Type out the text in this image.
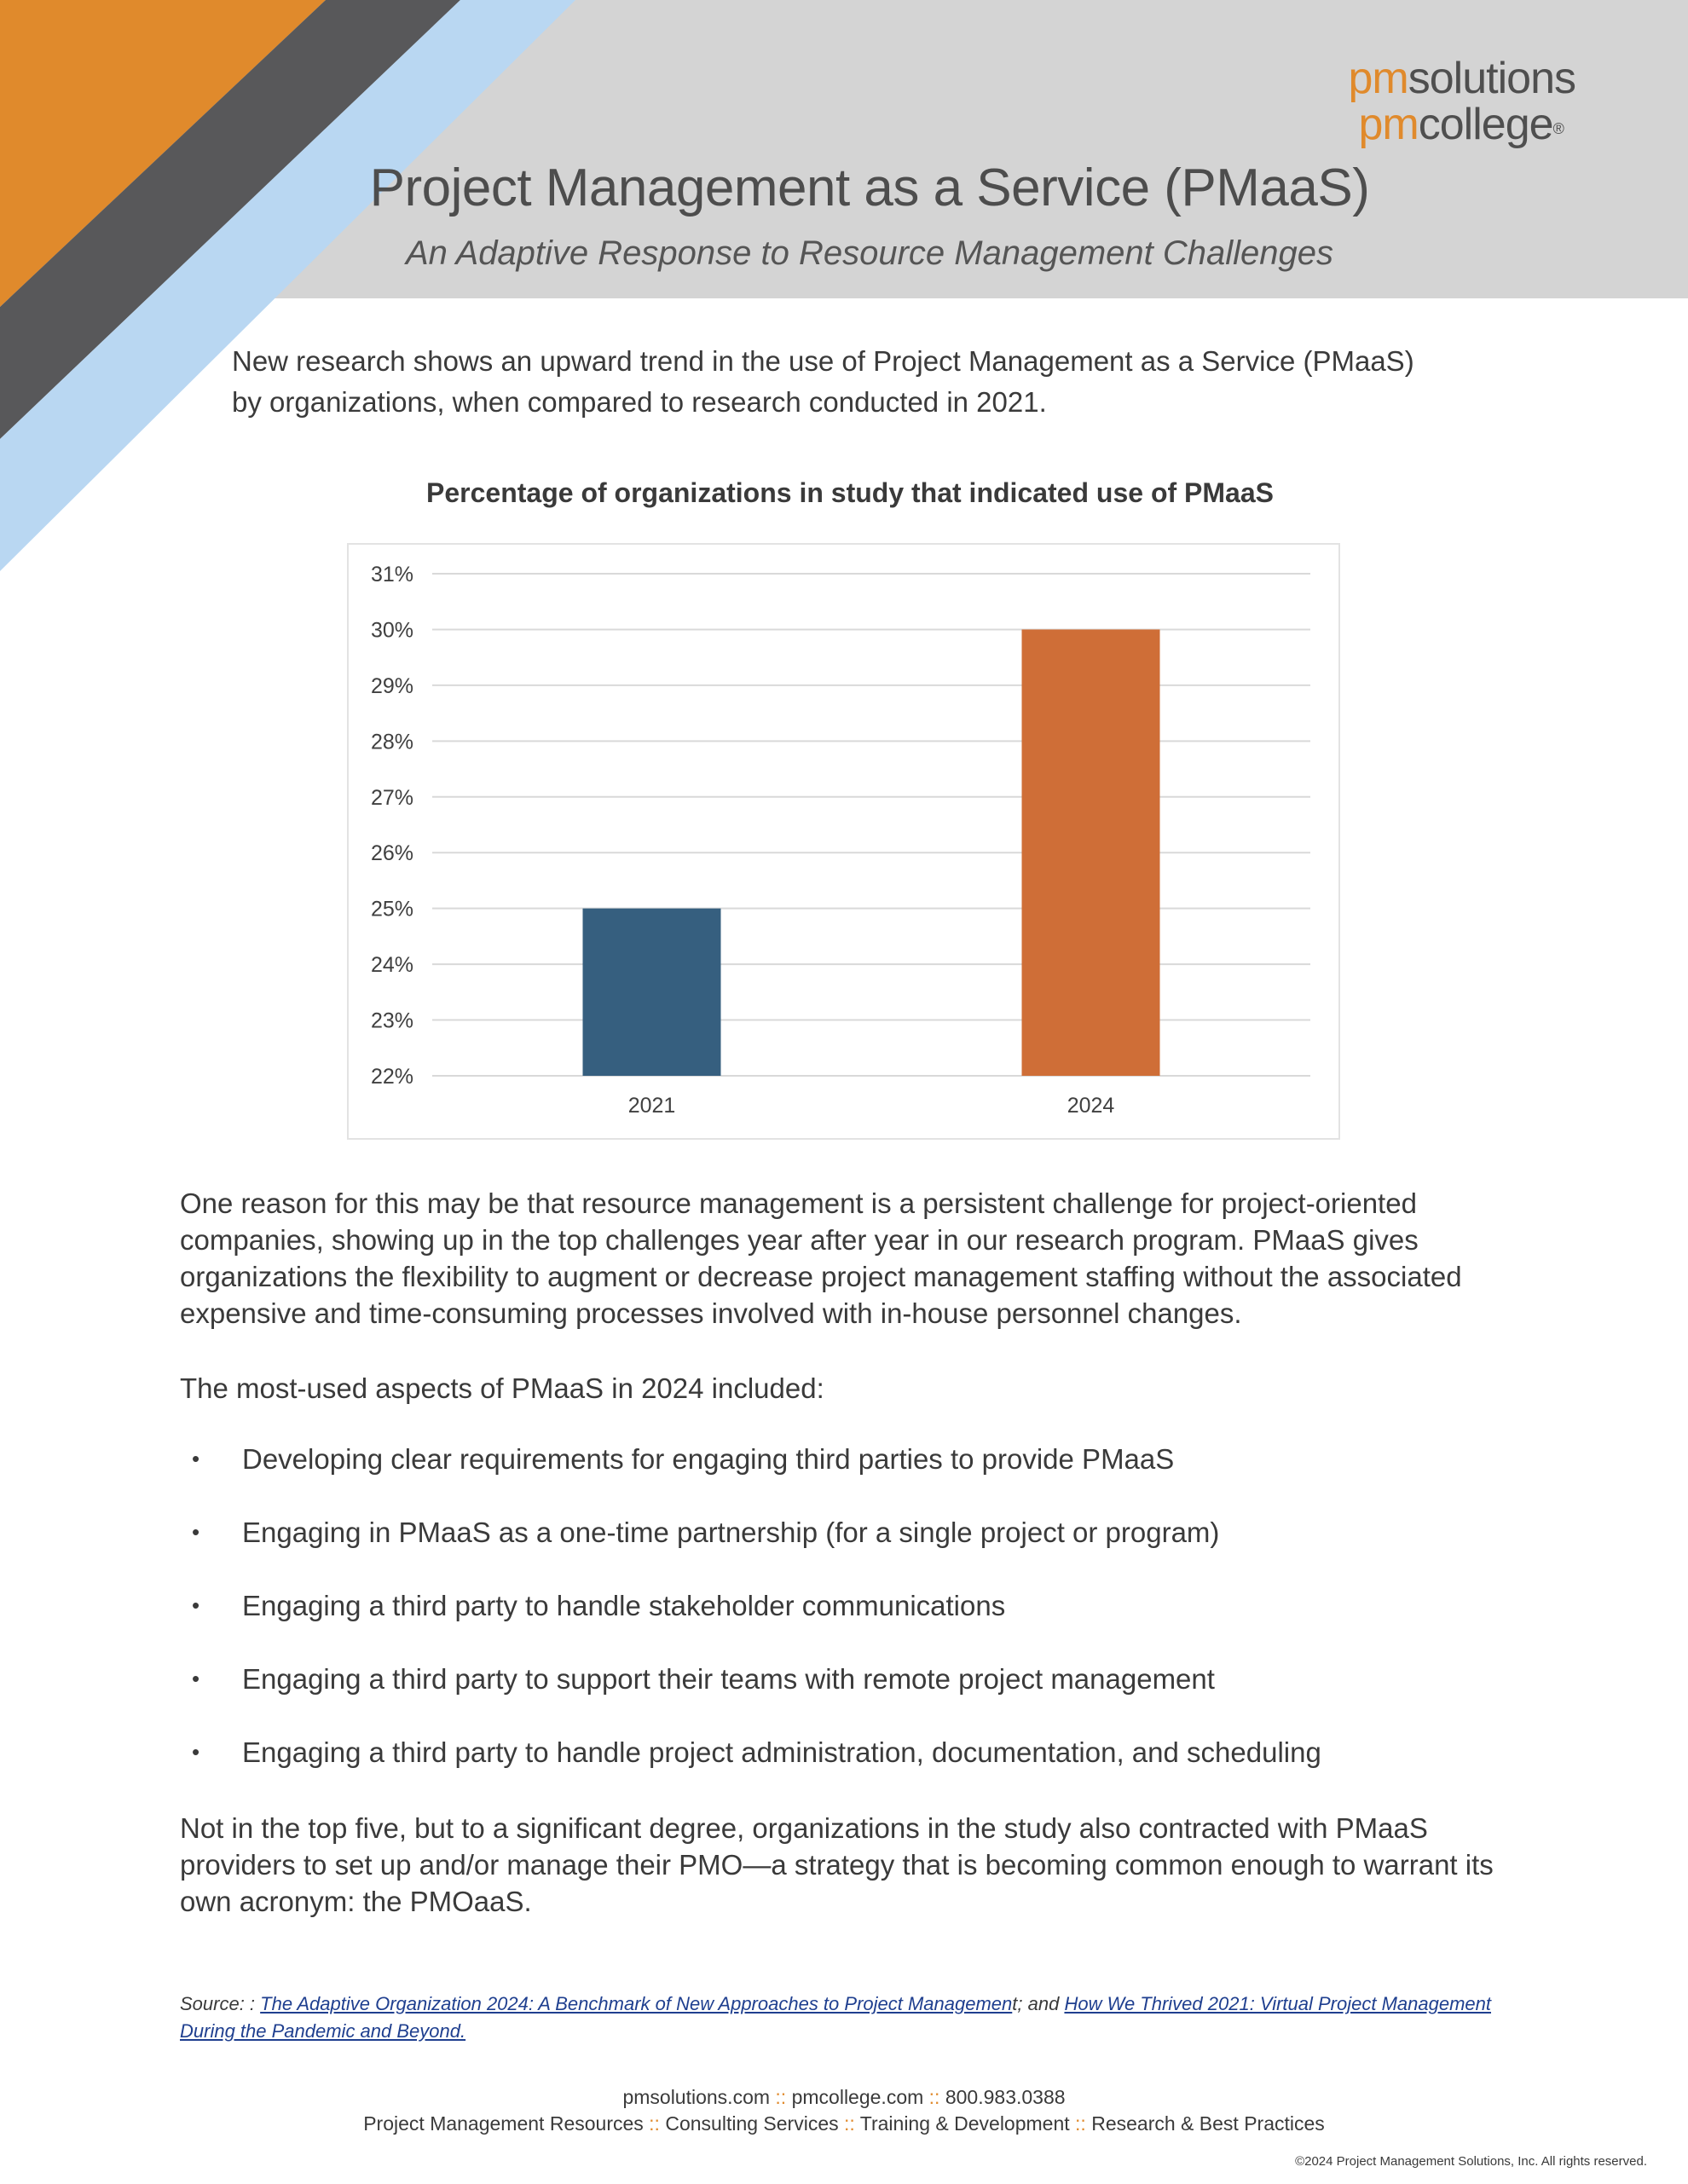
pmsolutions
pmcollege®
Project Management as a Service (PMaaS)
An Adaptive Response to Resource Management Challenges

New research shows an upward trend in the use of Project Management as a Service (PMaaS) by organizations, when compared to research conducted in 2021.

Percentage of organizations in study that indicated use of PMaaS
22%
23%
24%
25%
26%
27%
28%
29%
30%
31%
2021	2024

One reason for this may be that resource management is a persistent challenge for project-oriented companies, showing up in the top challenges year after year in our research program. PMaaS gives organizations the flexibility to augment or decrease project management staffing without the associated expensive and time-consuming processes involved with in-house personnel changes.

The most-used aspects of PMaaS in 2024 included:

• Developing clear requirements for engaging third parties to provide PMaaS
• Engaging in PMaaS as a one-time partnership (for a single project or program)
• Engaging a third party to handle stakeholder communications
• Engaging a third party to support their teams with remote project management
• Engaging a third party to handle project administration, documentation, and scheduling

Not in the top five, but to a significant degree, organizations in the study also contracted with PMaaS providers to set up and/or manage their PMO—a strategy that is becoming common enough to warrant its own acronym: the PMOaaS.

Source: : The Adaptive Organization 2024: A Benchmark of New Approaches to Project Management; and How We Thrived 2021: Virtual Project Management During the Pandemic and Beyond.

pmsolutions.com :: pmcollege.com :: 800.983.0388
Project Management Resources :: Consulting Services :: Training & Development :: Research & Best Practices
©2024 Project Management Solutions, Inc. All rights reserved.
